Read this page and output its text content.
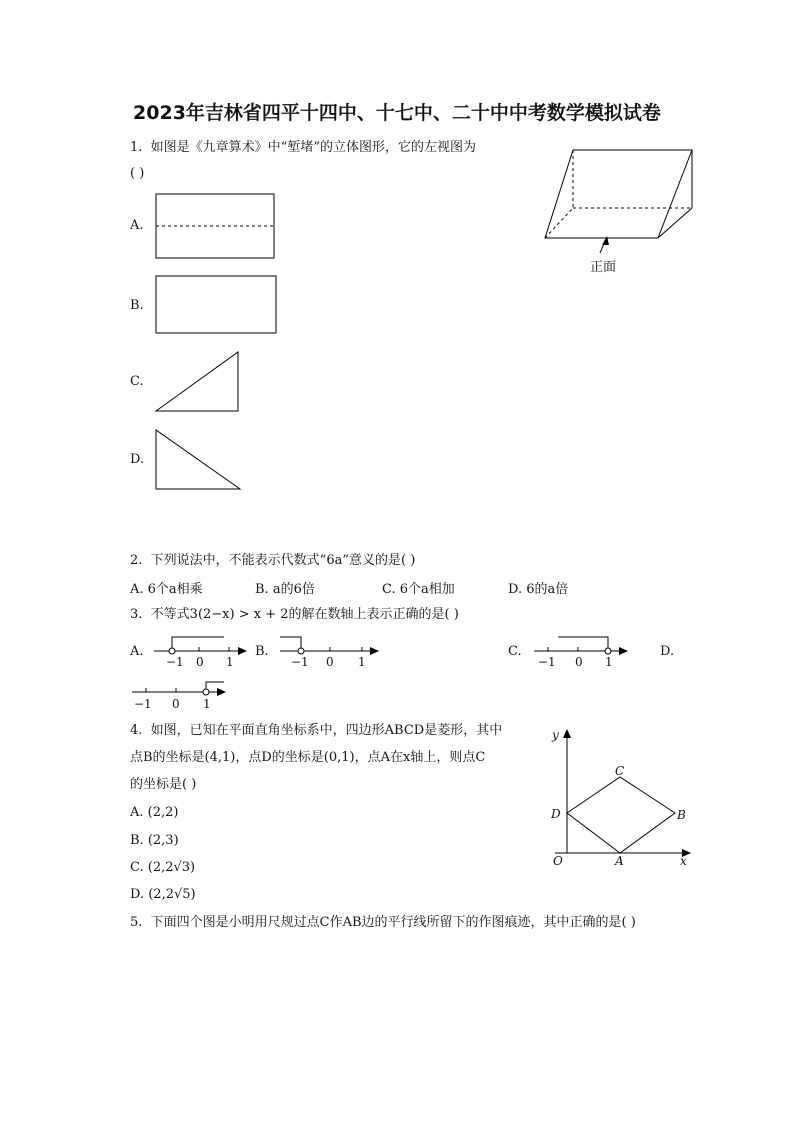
2023年吉林省四平十四中、十七中、二十中中考数学模拟试卷
1. 如图是《九章算术》中“堑堵”的立体图形，它的左视图为
( )
正面
A.
B.
C.
D.
2. 下列说法中，不能表示代数式“6a”意义的是( )
A. 6个a相乘	B. a的6倍	C. 6个a相加	D. 6的a倍
3. 不等式3(2−x) > x + 2的解在数轴上表示正确的是( )
A.
−1 0 1
B.
−1 0 1
C.
−1 0 1
D.
−1 0 1
4. 如图，已知在平面直角坐标系中，四边形ABCD是菱形，其中
点B的坐标是(4,1)，点D的坐标是(0,1)，点A在x轴上，则点C
的坐标是( )
A. (2,2)
B. (2,3)
C. (2,2√3)
D. (2,2√5)
y
x
O	A
B
C
D
5. 下面四个图是小明用尺规过点C作AB边的平行线所留下的作图痕迹，其中正确的是( )
